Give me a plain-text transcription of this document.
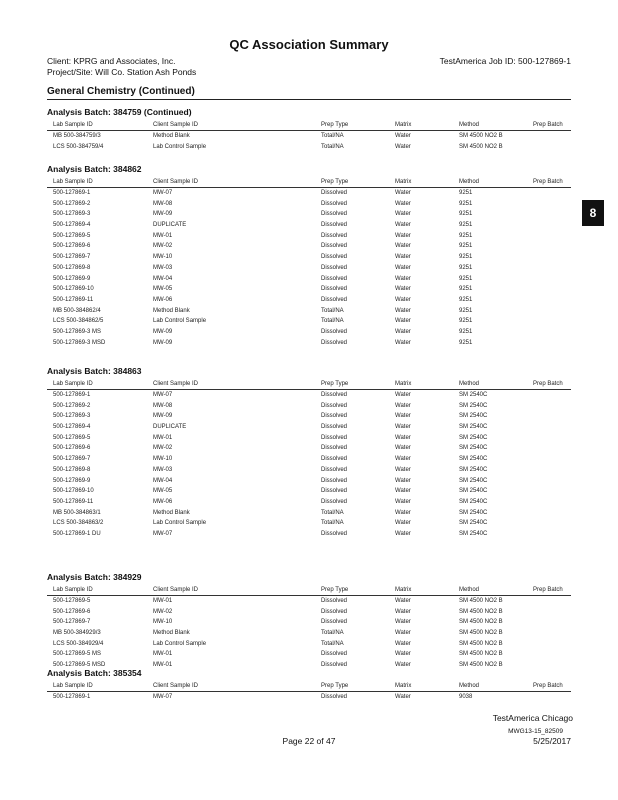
QC Association Summary
Client: KPRG and Associates, Inc.
Project/Site: Will Co. Station Ash Ponds
TestAmerica Job ID: 500-127869-1
General Chemistry (Continued)
Analysis Batch: 384759 (Continued)
Lab Sample ID	Client Sample ID	Prep Type	Matrix	Method	Prep Batch
MB 500-384759/3	Method Blank	Total/NA	Water	SM 4500 NO2 B
LCS 500-384759/4	Lab Control Sample	Total/NA	Water	SM 4500 NO2 B
Analysis Batch: 384862
Lab Sample ID	Client Sample ID	Prep Type	Matrix	Method	Prep Batch
500-127869-1	MW-07	Dissolved	Water	9251
500-127869-2	MW-08	Dissolved	Water	9251
500-127869-3	MW-09	Dissolved	Water	9251
500-127869-4	DUPLICATE	Dissolved	Water	9251
500-127869-5	MW-01	Dissolved	Water	9251
500-127869-6	MW-02	Dissolved	Water	9251
500-127869-7	MW-10	Dissolved	Water	9251
500-127869-8	MW-03	Dissolved	Water	9251
500-127869-9	MW-04	Dissolved	Water	9251
500-127869-10	MW-05	Dissolved	Water	9251
500-127869-11	MW-06	Dissolved	Water	9251
MB 500-384862/4	Method Blank	Total/NA	Water	9251
LCS 500-384862/5	Lab Control Sample	Total/NA	Water	9251
500-127869-3 MS	MW-09	Dissolved	Water	9251
500-127869-3 MSD	MW-09	Dissolved	Water	9251
Analysis Batch: 384863
Lab Sample ID	Client Sample ID	Prep Type	Matrix	Method	Prep Batch
500-127869-1	MW-07	Dissolved	Water	SM 2540C
500-127869-2	MW-08	Dissolved	Water	SM 2540C
500-127869-3	MW-09	Dissolved	Water	SM 2540C
500-127869-4	DUPLICATE	Dissolved	Water	SM 2540C
500-127869-5	MW-01	Dissolved	Water	SM 2540C
500-127869-6	MW-02	Dissolved	Water	SM 2540C
500-127869-7	MW-10	Dissolved	Water	SM 2540C
500-127869-8	MW-03	Dissolved	Water	SM 2540C
500-127869-9	MW-04	Dissolved	Water	SM 2540C
500-127869-10	MW-05	Dissolved	Water	SM 2540C
500-127869-11	MW-06	Dissolved	Water	SM 2540C
MB 500-384863/1	Method Blank	Total/NA	Water	SM 2540C
LCS 500-384863/2	Lab Control Sample	Total/NA	Water	SM 2540C
500-127869-1 DU	MW-07	Dissolved	Water	SM 2540C
Analysis Batch: 384929
Lab Sample ID	Client Sample ID	Prep Type	Matrix	Method	Prep Batch
500-127869-5	MW-01	Dissolved	Water	SM 4500 NO2 B
500-127869-6	MW-02	Dissolved	Water	SM 4500 NO2 B
500-127869-7	MW-10	Dissolved	Water	SM 4500 NO2 B
MB 500-384929/3	Method Blank	Total/NA	Water	SM 4500 NO2 B
LCS 500-384929/4	Lab Control Sample	Total/NA	Water	SM 4500 NO2 B
500-127869-5 MS	MW-01	Dissolved	Water	SM 4500 NO2 B
500-127869-5 MSD	MW-01	Dissolved	Water	SM 4500 NO2 B
Analysis Batch: 385354
Lab Sample ID	Client Sample ID	Prep Type	Matrix	Method	Prep Batch
500-127869-1	MW-07	Dissolved	Water	9038
8
TestAmerica Chicago
Page 22 of 47
MWG13-15_82509
5/25/2017
